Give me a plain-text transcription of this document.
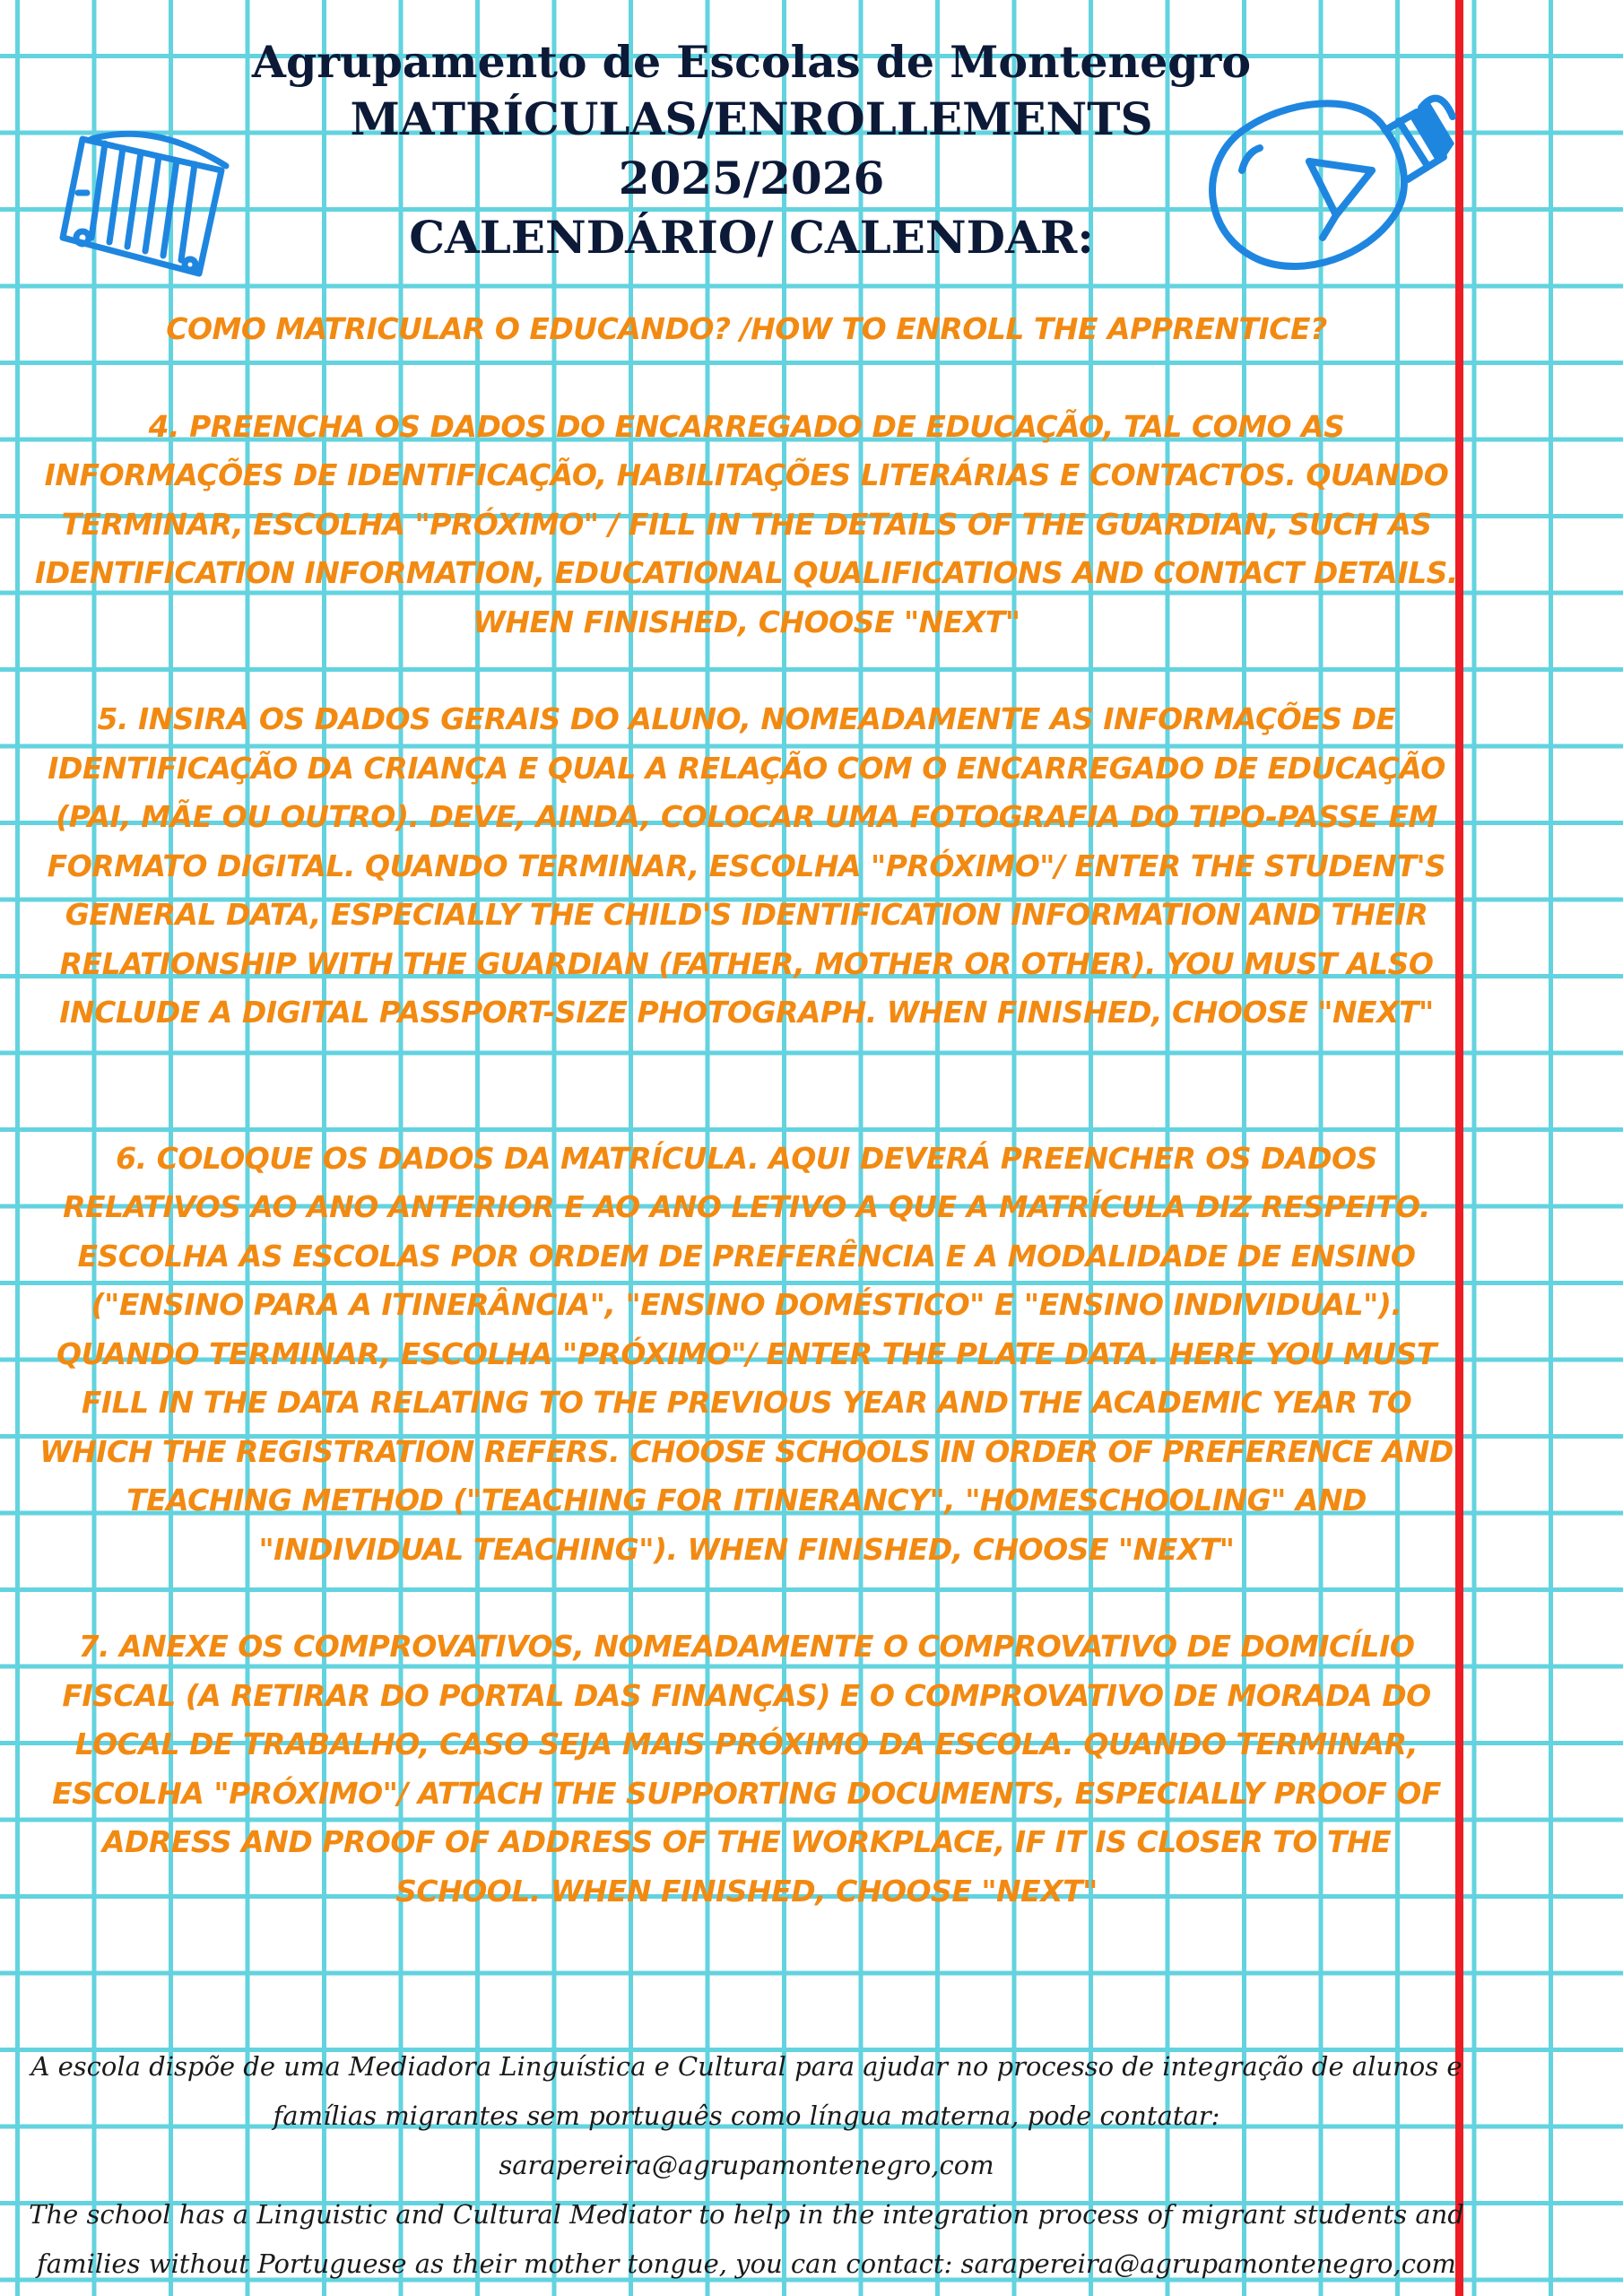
Agrupamento de Escolas de Montenegro
MATRÍCULAS/ENROLLEMENTS
2025/2026
CALENDÁRIO/ CALENDAR:

COMO MATRICULAR O EDUCANDO? /HOW TO ENROLL THE APPRENTICE?

4. PREENCHA OS DADOS DO ENCARREGADO DE EDUCAÇÃO, TAL COMO AS INFORMAÇÕES DE IDENTIFICAÇÃO, HABILITAÇÕES LITERÁRIAS E CONTACTOS. QUANDO TERMINAR, ESCOLHA "PRÓXIMO" / FILL IN THE DETAILS OF THE GUARDIAN, SUCH AS IDENTIFICATION INFORMATION, EDUCATIONAL QUALIFICATIONS AND CONTACT DETAILS. WHEN FINISHED, CHOOSE "NEXT"

5. INSIRA OS DADOS GERAIS DO ALUNO, NOMEADAMENTE AS INFORMAÇÕES DE IDENTIFICAÇÃO DA CRIANÇA E QUAL A RELAÇÃO COM O ENCARREGADO DE EDUCAÇÃO (PAI, MÃE OU OUTRO). DEVE, AINDA, COLOCAR UMA FOTOGRAFIA DO TIPO-PASSE EM FORMATO DIGITAL. QUANDO TERMINAR, ESCOLHA "PRÓXIMO"/ ENTER THE STUDENT'S GENERAL DATA, ESPECIALLY THE CHILD'S IDENTIFICATION INFORMATION AND THEIR RELATIONSHIP WITH THE GUARDIAN (FATHER, MOTHER OR OTHER). YOU MUST ALSO INCLUDE A DIGITAL PASSPORT-SIZE PHOTOGRAPH. WHEN FINISHED, CHOOSE "NEXT"

6. COLOQUE OS DADOS DA MATRÍCULA. AQUI DEVERÁ PREENCHER OS DADOS RELATIVOS AO ANO ANTERIOR E AO ANO LETIVO A QUE A MATRÍCULA DIZ RESPEITO. ESCOLHA AS ESCOLAS POR ORDEM DE PREFERÊNCIA E A MODALIDADE DE ENSINO ("ENSINO PARA A ITINERÂNCIA", "ENSINO DOMÉSTICO" E "ENSINO INDIVIDUAL"). QUANDO TERMINAR, ESCOLHA "PRÓXIMO"/ ENTER THE PLATE DATA. HERE YOU MUST FILL IN THE DATA RELATING TO THE PREVIOUS YEAR AND THE ACADEMIC YEAR TO WHICH THE REGISTRATION REFERS. CHOOSE SCHOOLS IN ORDER OF PREFERENCE AND TEACHING METHOD ("TEACHING FOR ITINERANCY", "HOMESCHOOLING" AND "INDIVIDUAL TEACHING"). WHEN FINISHED, CHOOSE "NEXT"

7. ANEXE OS COMPROVATIVOS, NOMEADAMENTE O COMPROVATIVO DE DOMICÍLIO FISCAL (A RETIRAR DO PORTAL DAS FINANÇAS) E O COMPROVATIVO DE MORADA DO LOCAL DE TRABALHO, CASO SEJA MAIS PRÓXIMO DA ESCOLA. QUANDO TERMINAR, ESCOLHA "PRÓXIMO"/ ATTACH THE SUPPORTING DOCUMENTS, ESPECIALLY PROOF OF ADRESS AND PROOF OF ADDRESS OF THE WORKPLACE, IF IT IS CLOSER TO THE SCHOOL. WHEN FINISHED, CHOOSE "NEXT"

A escola dispõe de uma Mediadora Linguística e Cultural para ajudar no processo de integração de alunos e

famílias migrantes sem português como língua materna, pode contatar: sarapereira@agrupamontenegro,com

The school has a Linguistic and Cultural Mediator to help in the integration process of migrant students and

families without Portuguese as their mother tongue, you can contact: sarapereira@agrupamontenegro,com
